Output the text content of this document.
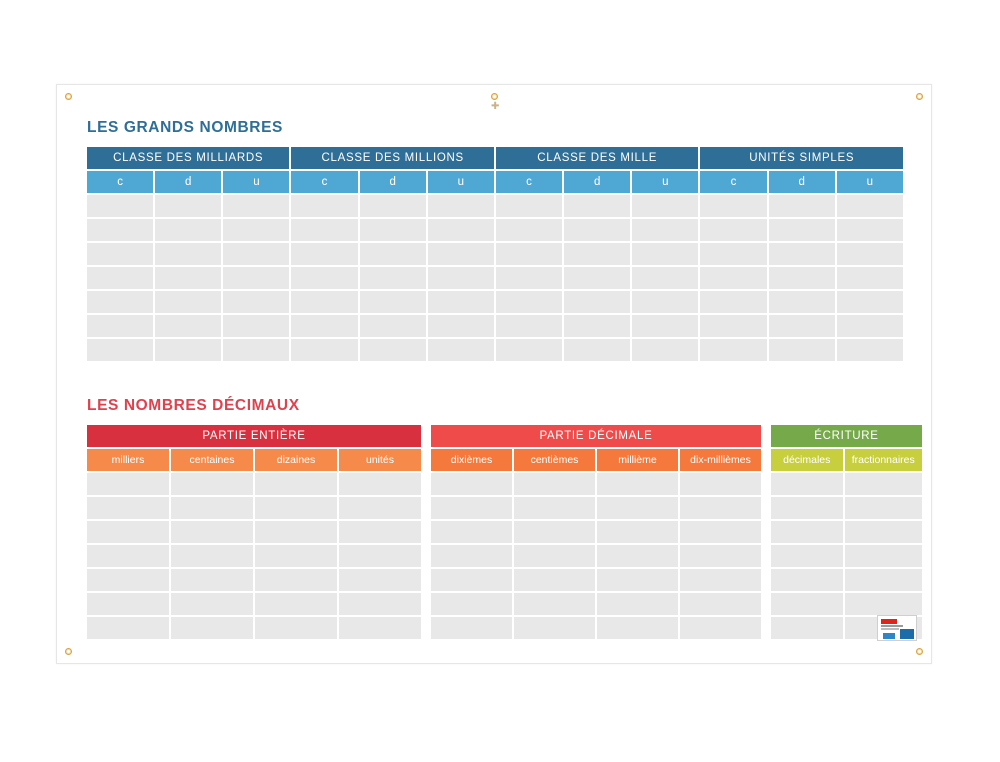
✚
LES GRANDS NOMBRES
CLASSE DES MILLIARDS			CLASSE DES MILLIONS			CLASSE DES MILLE			UNITÉS SIMPLES		
c	d	u	c	d	u	c	d	u	c	d	u

LES NOMBRES DÉCIMAUX
PARTIE ENTIÈRE			
milliers	centaines	dizaines	unités

PARTIE DÉCIMALE			
dixièmes	centièmes	millième	dix-millièmes

ÉCRITURE	
décimales	fractionnaires
